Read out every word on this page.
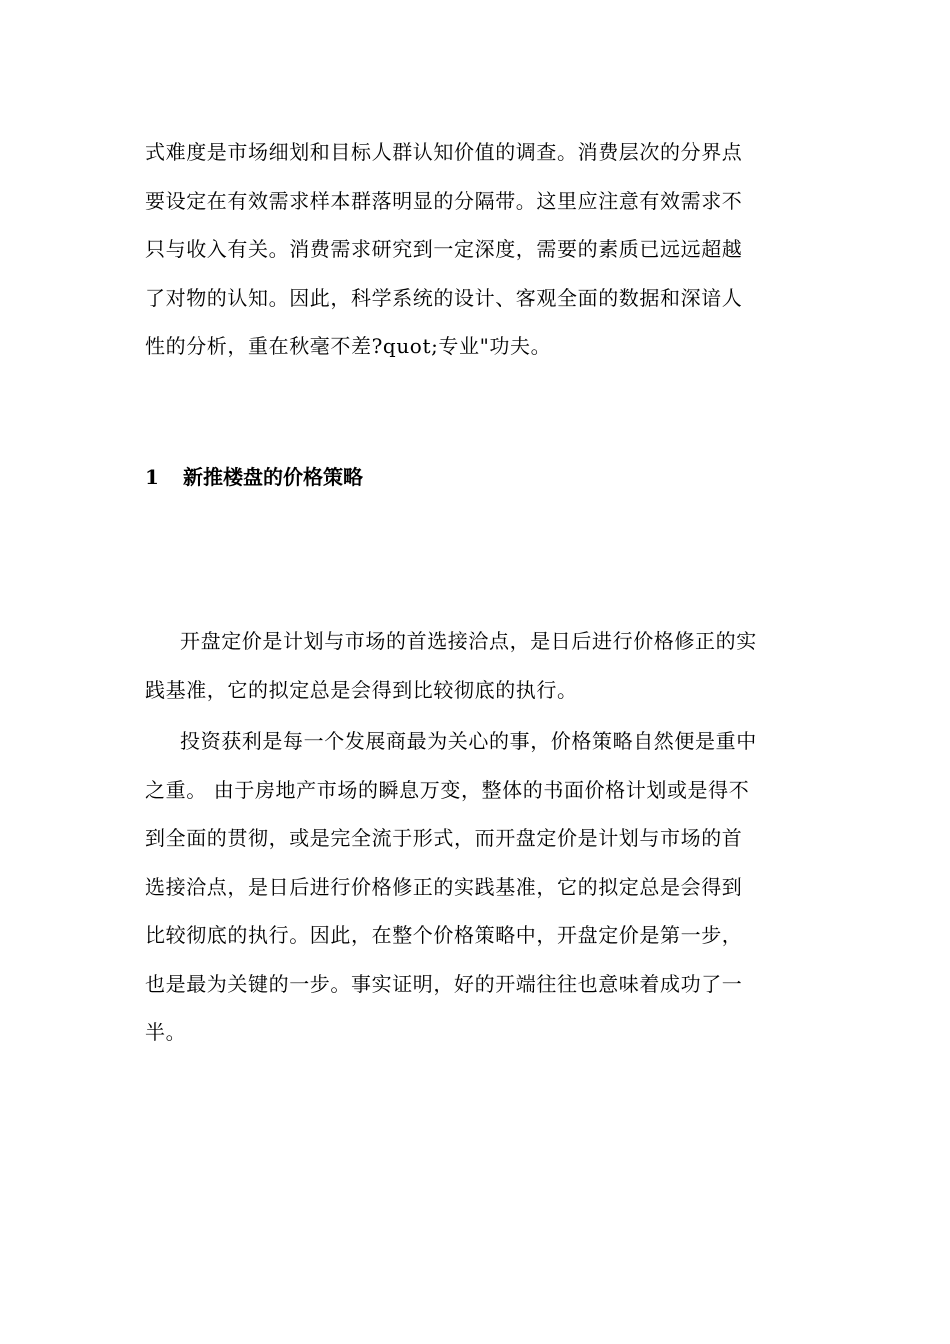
式难度是市场细划和目标人群认知价值的调查。消费层次的分界点
要设定在有效需求样本群落明显的分隔带。这里应注意有效需求不
只与收入有关。消费需求研究到一定深度，需要的素质已远远超越
了对物的认知。因此，科学系统的设计、客观全面的数据和深谙人
性的分析，重在秋毫不差?quot;专业"功夫。
1 新推楼盘的价格策略
开盘定价是计划与市场的首选接洽点，是日后进行价格修正的实
践基准，它的拟定总是会得到比较彻底的执行。
投资获利是每一个发展商最为关心的事，价格策略自然便是重中
之重。 由于房地产市场的瞬息万变，整体的书面价格计划或是得不
到全面的贯彻，或是完全流于形式，而开盘定价是计划与市场的首
选接洽点，是日后进行价格修正的实践基准，它的拟定总是会得到
比较彻底的执行。因此，在整个价格策略中，开盘定价是第一步，
也是最为关键的一步。事实证明，好的开端往往也意味着成功了一
半。
